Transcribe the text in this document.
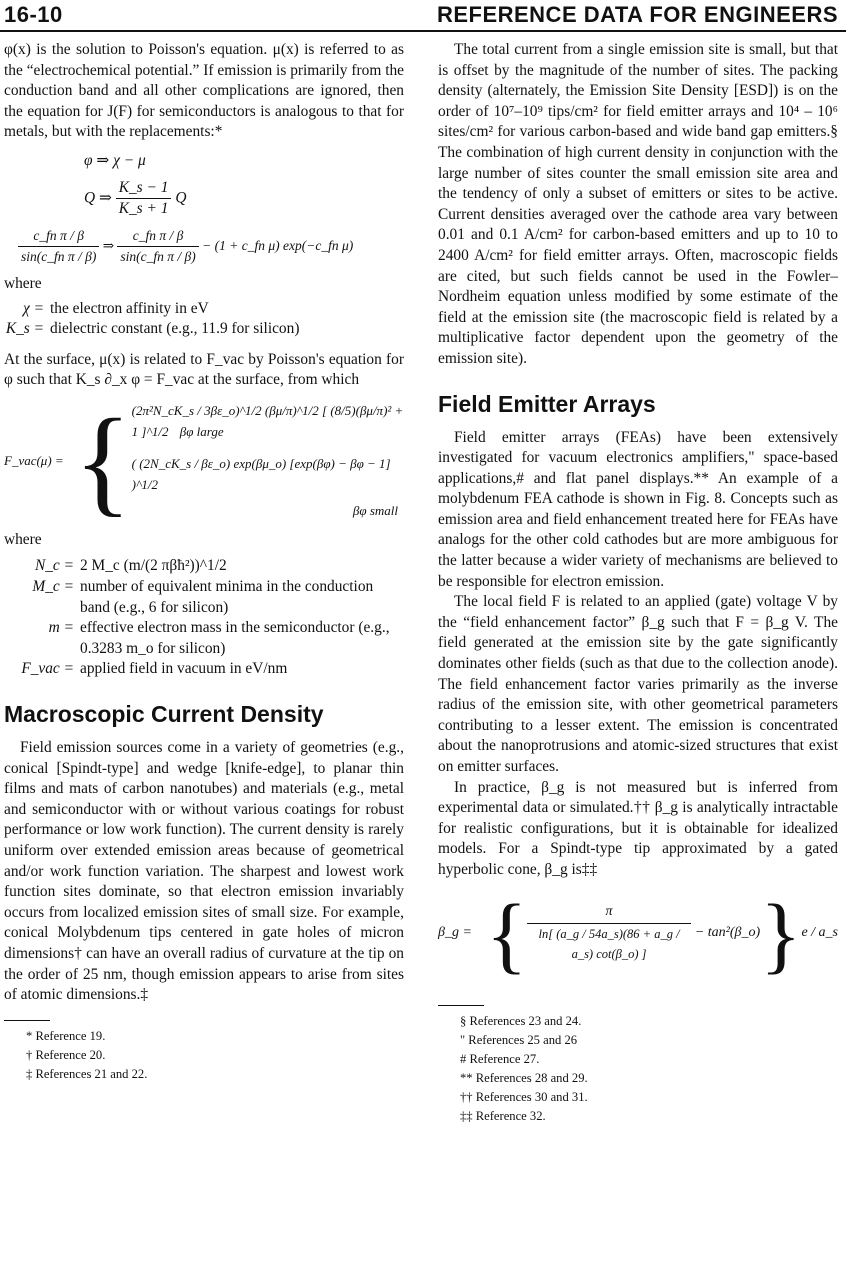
16-10	REFERENCE DATA FOR ENGINEERS

φ(x) is the solution to Poisson's equation. μ(x) is referred to as the “electrochemical potential.” If emission is primarily from the conduction band and all other complications are ignored, then the equation for J(F) for semiconductors is analogous to that for metals, but with the replacements:*

φ ⇒ χ − μ
Q ⇒ $\frac{K\_s - 1}{K\_s + 1}$ Q
$\frac{\text{c\_fn π / β}}{\text{sin(c\_fn π / β)}}$ ⇒ $\frac{\text{c\_fn π / β}}{\text{sin(c\_fn π / β)}} - (1$ + c_fn μ) exp(−c_fn μ)

where

χ = the electron affinity in eV
K_s = dielectric constant (e.g., 11.9 for silicon)

At the surface, μ(x) is related to F_vac by Poisson's equation for φ such that K_s ∂_x φ = F_vac at the surface, from which

F_vac(μ) = { (2π²N_cK_s / 3βε_o)^1/2 (βμ/π)^1/2 [ (8/5)(βμ/π)² + 1 ]^1/2 βφ large
( (2N_cK_s / βε_o) exp(βμ_o) [exp(βφ) − βφ − 1] )^1/2
βφ small

where

N_c = 2 M_c (m/(2 πβħ²))^1/2
M_c = number of equivalent minima in the conduction band (e.g., 6 for silicon)
m = effective electron mass in the semiconductor (e.g., 0.3283 m_o for silicon)
F_vac = applied field in vacuum in eV/nm
Macroscopic Current Density

Field emission sources come in a variety of geometries (e.g., conical [Spindt-type] and wedge [knife-edge], to planar thin films and mats of carbon nanotubes) and materials (e.g., metal and semiconductor with or without various coatings for robust performance or low work function). The current density is rarely uniform over extended emission areas because of geometrical and/or work function variation. The sharpest and lowest work function sites dominate, so that electron emission invariably occurs from localized emission sites of small size. For example, conical Molybdenum tips centered in gate holes of micron dimensions† can have an overall radius of curvature at the tip on the order of 25 nm, though emission appears to arise from sites of atomic dimensions.‡

* Reference 19.
† Reference 20.
‡ References 21 and 22.

The total current from a single emission site is small, but that is offset by the magnitude of the number of sites. The packing density (alternately, the Emission Site Density [ESD]) is on the order of 10⁷–10⁹ tips/cm² for field emitter arrays and 10⁴ – 10⁶ sites/cm² for various carbon-based and wide band gap emitters.§ The combination of high current density in conjunction with the large number of sites counter the small emission site area and the tendency of only a subset of emitters or sites to be active. Current densities averaged over the cathode area vary between 0.01 and 0.1 A/cm² for carbon-based emitters and up to 10 to 2400 A/cm² for field emitter arrays. Often, macroscopic fields are cited, but such fields cannot be used in the Fowler–Nordheim equation unless modified by some estimate of the field at the emission site (the macroscopic field is related by a multiplicative factor dependent upon the geometry of the emission site).

Field Emitter Arrays

Field emitter arrays (FEAs) have been extensively investigated for vacuum electronics amplifiers," space-based applications,# and flat panel displays.** An example of a molybdenum FEA cathode is shown in Fig. 8. Concepts such as emission area and field enhancement treated here for FEAs have analogs for the other cold cathodes but are more ambiguous for the latter because a wider variety of mechanisms are believed to be responsible for electron emission.

The local field F is related to an applied (gate) voltage V by the “field enhancement factor” β_g such that F = β_g V. The field generated at the emission site by the gate significantly dominates other fields (such as that due to the collection anode). The field enhancement factor varies primarily as the inverse radius of the emission site, with other geometrical parameters contributing to a lesser extent. The emission is concentrated about the nanoprotrusions and atomic-sized structures that exist on emitter surfaces.

In practice, β_g is not measured but is inferred from experimental data or simulated.†† β_g is analytically intractable for realistic configurations, but it is obtainable for idealized models. For a Spindt-type tip approximated by a gated hyperbolic cone, β_g is‡‡

β_g = { $\frac{\pi}{\ln[ (a\_g / 54a\_s)(86 + a\_g / a\_s) \cot(\beta\_o) ]}$ − tan²(β_o) } e / a_s
§ References 23 and 24.
" References 25 and 26
# Reference 27.
** References 28 and 29.
†† References 30 and 31.
‡‡ Reference 32.
